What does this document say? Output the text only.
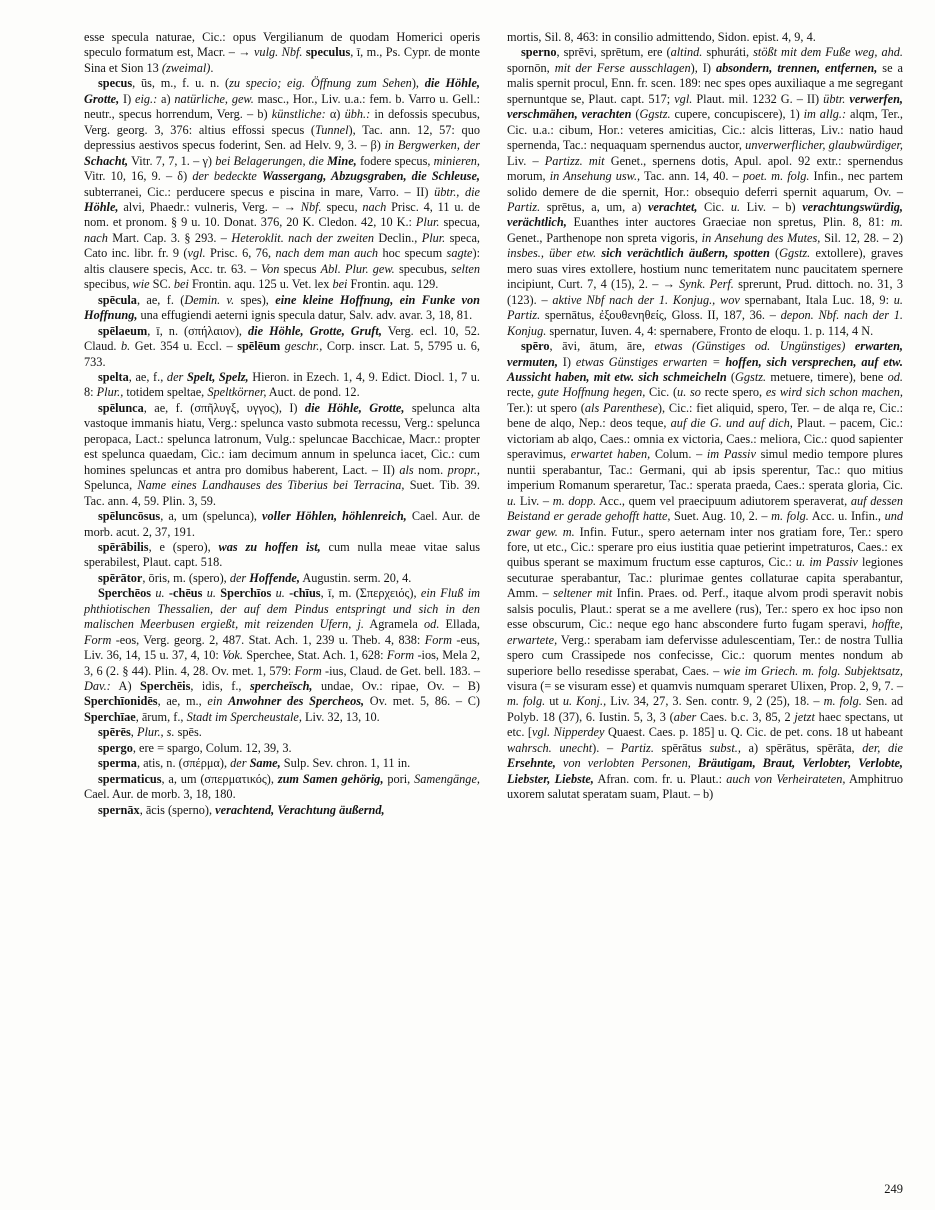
esse specula naturae, Cic.: opus Vergilianum de quodam Homerici operis speculo formatum est, Macr. – → vulg. Nbf. speculus, ī, m., Ps. Cypr. de monte Sina et Sion 13 (zweimal).

specus, ūs, m., f. u. n. (zu specio; eig. Öffnung zum Sehen), die Höhle, Grotte, I) eig.: a) natürliche, gew. masc., Hor., Liv. u.a.: fem. b. Varro u. Gell.: neutr., specus horrendum, Verg. – b) künstliche: α) übh.: in defossis specubus, Verg. georg. 3, 376: altius effossi specus (Tunnel), Tac. ann. 12, 57: quo depressius aestivos specus foderint, Sen. ad Helv. 9, 3. – β) in Bergwerken, der Schacht, Vitr. 7, 7, 1. – γ) bei Belagerungen, die Mine, fodere specus, minieren, Vitr. 10, 16, 9. – δ) der bedeckte Wassergang, Abzugsgraben, die Schleuse, subterranei, Cic.: perducere specus e piscina in mare, Varro. – II) übtr., die Höhle, alvi, Phaedr.: vulneris, Verg. – → Nbf. specu, nach Prisc. 4, 11 u. de nom. et pronom. § 9 u. 10. Donat. 376, 20 K. Cledon. 42, 10 K.: Plur. specua, nach Mart. Cap. 3. § 293. – Heteroklit. nach der zweiten Declin., Plur. speca, Cato inc. libr. fr. 9 (vgl. Prisc. 6, 76, nach dem man auch hoc specum sagte): altis clausere specis, Acc. tr. 63. – Von specus Abl. Plur. gew. specubus, selten specibus, wie SC. bei Frontin. aqu. 125 u. Vet. lex bei Frontin. aqu. 129.

spēcula, ae, f. (Demin. v. spes), eine kleine Hoffnung, ein Funke von Hoffnung, una effugiendi aeterni ignis specula datur, Salv. adv. avar. 3, 18, 81.

spēlaeum, ī, n. (σπήλαιον), die Höhle, Grotte, Gruft, Verg. ecl. 10, 52. Claud. b. Get. 354 u. Eccl. – spēlēum geschr., Corp. inscr. Lat. 5, 5795 u. 6, 733.

spelta, ae, f., der Spelt, Spelz, Hieron. in Ezech. 1, 4, 9. Edict. Diocl. 1, 7 u. 8: Plur., totidem speltae, Speltkörner, Auct. de pond. 12.

spēlunca, ae, f. (σπῆλυγξ, υγγος), I) die Höhle, Grotte, spelunca alta vastoque immanis hiatu, Verg.: spelunca vasto submota recessu, Verg.: spelunca peropaca, Lact.: spelunca latronum, Vulg.: speluncae Bacchicae, Macr.: propter est spelunca quaedam, Cic.: iam decimum annum in spelunca iacet, Cic.: cum homines speluncas et antra pro domibus haberent, Lact. – II) als nom. propr., Spelunca, Name eines Landhauses des Tiberius bei Terracina, Suet. Tib. 39. Tac. ann. 4, 59. Plin. 3, 59.

spēluncōsus, a, um (spelunca), voller Höhlen, höhlenreich, Cael. Aur. de morb. acut. 2, 37, 191.

spērābilis, e (spero), was zu hoffen ist, cum nulla meae vitae salus sperabilest, Plaut. capt. 518.

spērātor, ōris, m. (spero), der Hoffende, Augustin. serm. 20, 4.

Sperchēos u. -chēus u. Sperchīos u. -chīus, ī, m. (Σπερχειός), ein Fluß im phthiotischen Thessalien, der auf dem Pindus entspringt und sich in den malischen Meerbusen ergießt, mit reizenden Ufern, j. Agramela od. Ellada, Form -eos, Verg. georg. 2, 487. Stat. Ach. 1, 239 u. Theb. 4, 838: Form -eus, Liv. 36, 14, 15 u. 37, 4, 10: Vok. Sperchee, Stat. Ach. 1, 628: Form -ios, Mela 2, 3, 6 (2. § 44). Plin. 4, 28. Ov. met. 1, 579: Form -ius, Claud. de Get. bell. 183. – Dav.: A) Sperchēis, idis, f., spercheïsch, undae, Ov.: ripae, Ov. – B) Sperchīonidēs, ae, m., ein Anwohner des Spercheos, Ov. met. 5, 86. – C) Sperchīae, ārum, f., Stadt im Spercheustale, Liv. 32, 13, 10.

spērēs, Plur., s. spēs.

spergo, ere = spargo, Colum. 12, 39, 3.

sperma, atis, n. (σπέρμα), der Same, Sulp. Sev. chron. 1, 11 in.

spermaticus, a, um (σπερματικός), zum Samen gehörig, pori, Samengänge, Cael. Aur. de morb. 3, 18, 180.

spernāx, ācis (sperno), verachtend, Verachtung äußernd,

mortis, Sil. 8, 463: in consilio admittendo, Sidon. epist. 4, 9, 4.

sperno, sprēvi, sprētum, ere (altind. sphuráti, stößt mit dem Fuße weg, ahd. spornōn, mit der Ferse ausschlagen), I) absondern, trennen, entfernen, se a malis spernit procul, Enn. fr. scen. 189: nec spes opes auxiliaque a me segregant spernuntque se, Plaut. capt. 517; vgl. Plaut. mil. 1232 G. – II) übtr. verwerfen, verschmähen, verachten (Ggstz. cupere, concupiscere), 1) im allg.: alqm, Ter., Cic. u.a.: cibum, Hor.: veteres amicitias, Cic.: alcis litteras, Liv.: natio haud spernenda, Tac.: nequaquam spernendus auctor, unverwerflicher, glaubwürdiger, Liv. – Partizz. mit Genet., spernens dotis, Apul. apol. 92 extr.: spernendus morum, in Ansehung usw., Tac. ann. 14, 40. – poet. m. folg. Infin., nec partem solido demere de die spernit, Hor.: obsequio deferri spernit aquarum, Ov. – Partiz. sprētus, a, um, a) verachtet, Cic. u. Liv. – b) verachtungswürdig, verächtlich, Euanthes inter auctores Graeciae non spretus, Plin. 8, 81: m. Genet., Parthenope non spreta vigoris, in Ansehung des Mutes, Sil. 12, 28. – 2) insbes., über etw. sich verächtlich äußern, spotten (Ggstz. extollere), graves mero suas vires extollere, hostium nunc temeritatem nunc paucitatem spernere incipiunt, Curt. 7, 4 (15), 2. – → Synk. Perf. sprerunt, Prud. dittoch. no. 31, 3 (123). – aktive Nbf nach der 1. Konjug., wov spernabant, Itala Luc. 18, 9: u. Partiz. spernātus, ἐξουθενηθείς, Gloss. II, 187, 36. – depon. Nbf. nach der 1. Konjug. spernatur, Iuven. 4, 4: spernabere, Fronto de eloqu. 1. p. 114, 4 N.

spēro, āvi, ātum, āre, etwas (Günstiges od. Ungünstiges) erwarten, vermuten, I) etwas Günstiges erwarten = hoffen, sich versprechen, auf etw. Aussicht haben, mit etw. sich schmeicheln (Ggstz. metuere, timere), bene od. recte, gute Hoffnung hegen, Cic. (u. so recte spero, es wird sich schon machen, Ter.): ut spero (als Parenthese), Cic.: fiet aliquid, spero, Ter. – de alqa re, Cic.: bene de alqo, Nep.: deos teque, auf die G. und auf dich, Plaut. – pacem, Cic.: victoriam ab alqo, Caes.: omnia ex victoria, Caes.: meliora, Cic.: quod sapienter speravimus, erwartet haben, Colum. – im Passiv simul medio tempore plures nuntii sperabantur, Tac.: Germani, qui ab ipsis sperentur, Tac.: quo mitius imperium Romanum speraretur, Tac.: sperata praeda, Caes.: sperata gloria, Cic. u. Liv. – m. dopp. Acc., quem vel praecipuum adiutorem speraverat, auf dessen Beistand er gerade gehofft hatte, Suet. Aug. 10, 2. – m. folg. Acc. u. Infin., und zwar gew. m. Infin. Futur., spero aeternam inter nos gratiam fore, Ter.: spero fore, ut etc., Cic.: sperare pro eius iustitia quae petierint impetraturos, Caes.: ex quibus sperant se maximum fructum esse capturos, Cic.: u. im Passiv legiones secuturae sperabantur, Tac.: plurimae gentes collaturae capita sperabantur, Amm. – seltener mit Infin. Praes. od. Perf., itaque alvom prodi speravit nobis salsis poculis, Plaut.: sperat se a me avellere (rus), Ter.: spero ex hoc ipso non esse obscurum, Cic.: neque ego hanc abscondere furto fugam speravi, hoffte, erwartete, Verg.: sperabam iam defervisse adulescentiam, Ter.: de nostra Tullia spero cum Crassipede nos confecisse, Cic.: quorum mentes nondum ab superiore bello resedisse sperabat, Caes. – wie im Griech. m. folg. Subjektsatz, visura (= se visuram esse) et quamvis numquam speraret Ulixen, Prop. 2, 9, 7. – m. folg. ut u. Konj., Liv. 34, 27, 3. Sen. contr. 9, 2 (25), 18. – m. folg. Sen. ad Polyb. 18 (37), 6. Iustin. 5, 3, 3 (aber Caes. b.c. 3, 85, 2 jetzt haec spectans, ut etc. [vgl. Nipperdey Quaest. Caes. p. 185] u. Q. Cic. de pet. cons. 18 ut habeant wahrsch. unecht). – Partiz. spērātus subst., a) spērātus, spērāta, der, die Ersehnte, von verlobten Personen, Bräutigam, Braut, Verlobter, Verlobte, Liebster, Liebste, Afran. com. fr. u. Plaut.: auch von Verheirateten, Amphitruo uxorem salutat speratam suam, Plaut. – b)

249
